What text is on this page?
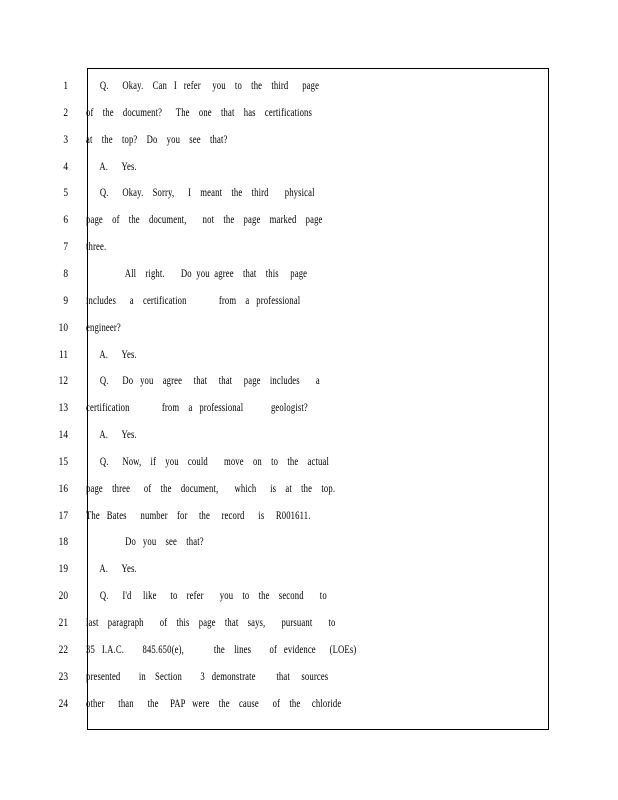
1 Q.      Okay.    Can   I   refer     you    to    the    third      page
2 of    the    document?      The    one    that    has    certifications
3 at    the    top?    Do    you    see    that?
4 A.      Yes.
5 Q.      Okay.    Sorry,      I    meant    the    third       physical
6 page    of    the    document,       not    the    page    marked    page
7 three.
8 All    right.       Do  you  agree    that    this     page
9 includes      a    certification              from    a   professional
10 engineer?
11 A.      Yes.
12 Q.      Do   you    agree     that     that     page    includes       a
13 certification              from    a   professional            geologist?
14 A.      Yes.
15 Q.      Now,    if    you    could       move    on    to    the    actual
16 page    three      of    the    document,       which      is    at    the    top.
17 The   Bates      number    for     the     record      is     R001611.
18 Do   you    see    that?
19 A.      Yes.
20 Q.      I'd     like      to    refer       you    to    the    second       to
21 last    paragraph       of    this    page    that    says,       pursuant       to
22 35   I.A.C.        845.650(e),             the    lines        of   evidence      (LOEs)
23 presented        in    Section        3   demonstrate         that     sources
24 other      than      the     PAP   were    the    cause      of    the     chloride
